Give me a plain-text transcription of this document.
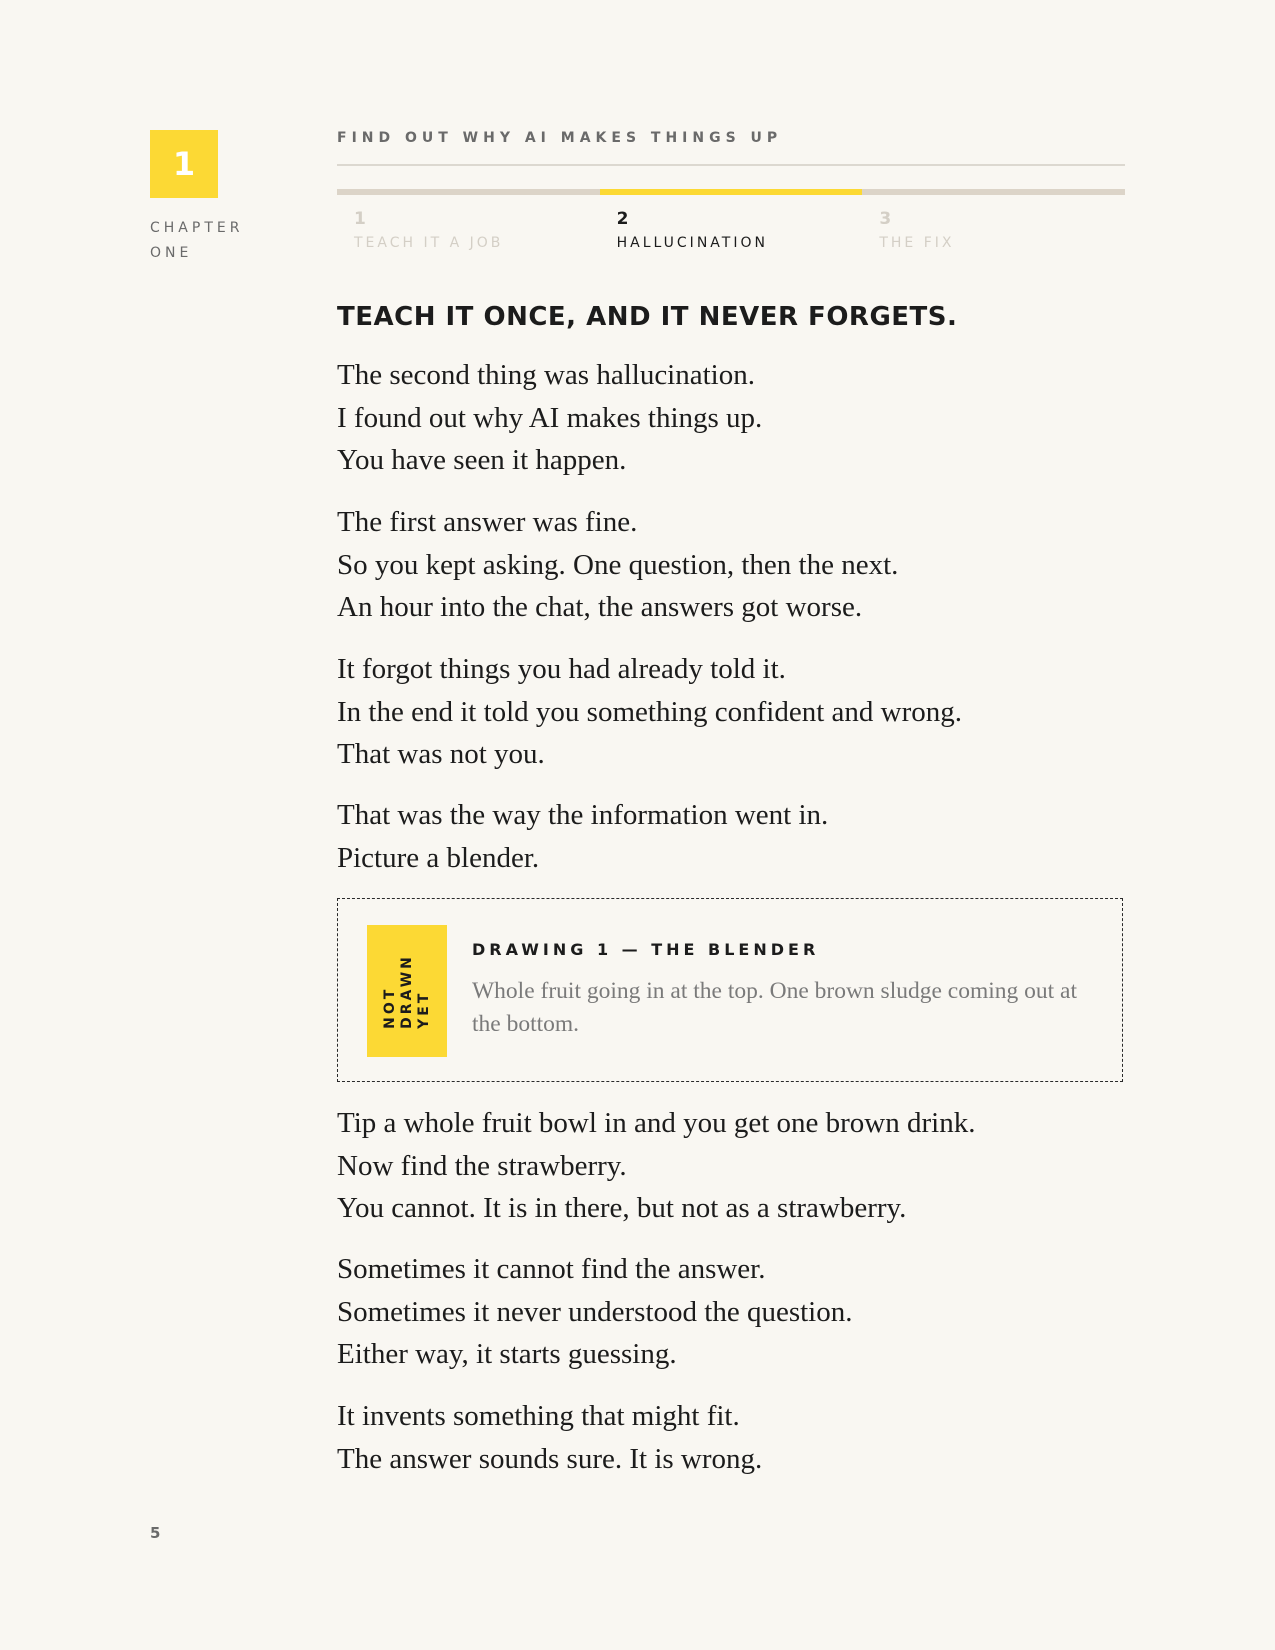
1
CHAPTER
ONE
FIND OUT WHY AI MAKES THINGS UP
1
TEACH IT A JOB
2
HALLUCINATION
3
THE FIX
TEACH IT ONCE, AND IT NEVER FORGETS.
The second thing was hallucination.
I found out why AI makes things up.
You have seen it happen.
The first answer was fine.
So you kept asking. One question, then the next.
An hour into the chat, the answers got worse.
It forgot things you had already told it.
In the end it told you something confident and wrong.
That was not you.
That was the way the information went in.
Picture a blender.
NOT DRAWN YET
DRAWING 1 — THE BLENDER
Whole fruit going in at the top. One brown sludge coming out at the bottom.
Tip a whole fruit bowl in and you get one brown drink.
Now find the strawberry.
You cannot. It is in there, but not as a strawberry.
Sometimes it cannot find the answer.
Sometimes it never understood the question.
Either way, it starts guessing.
It invents something that might fit.
The answer sounds sure. It is wrong.
5
